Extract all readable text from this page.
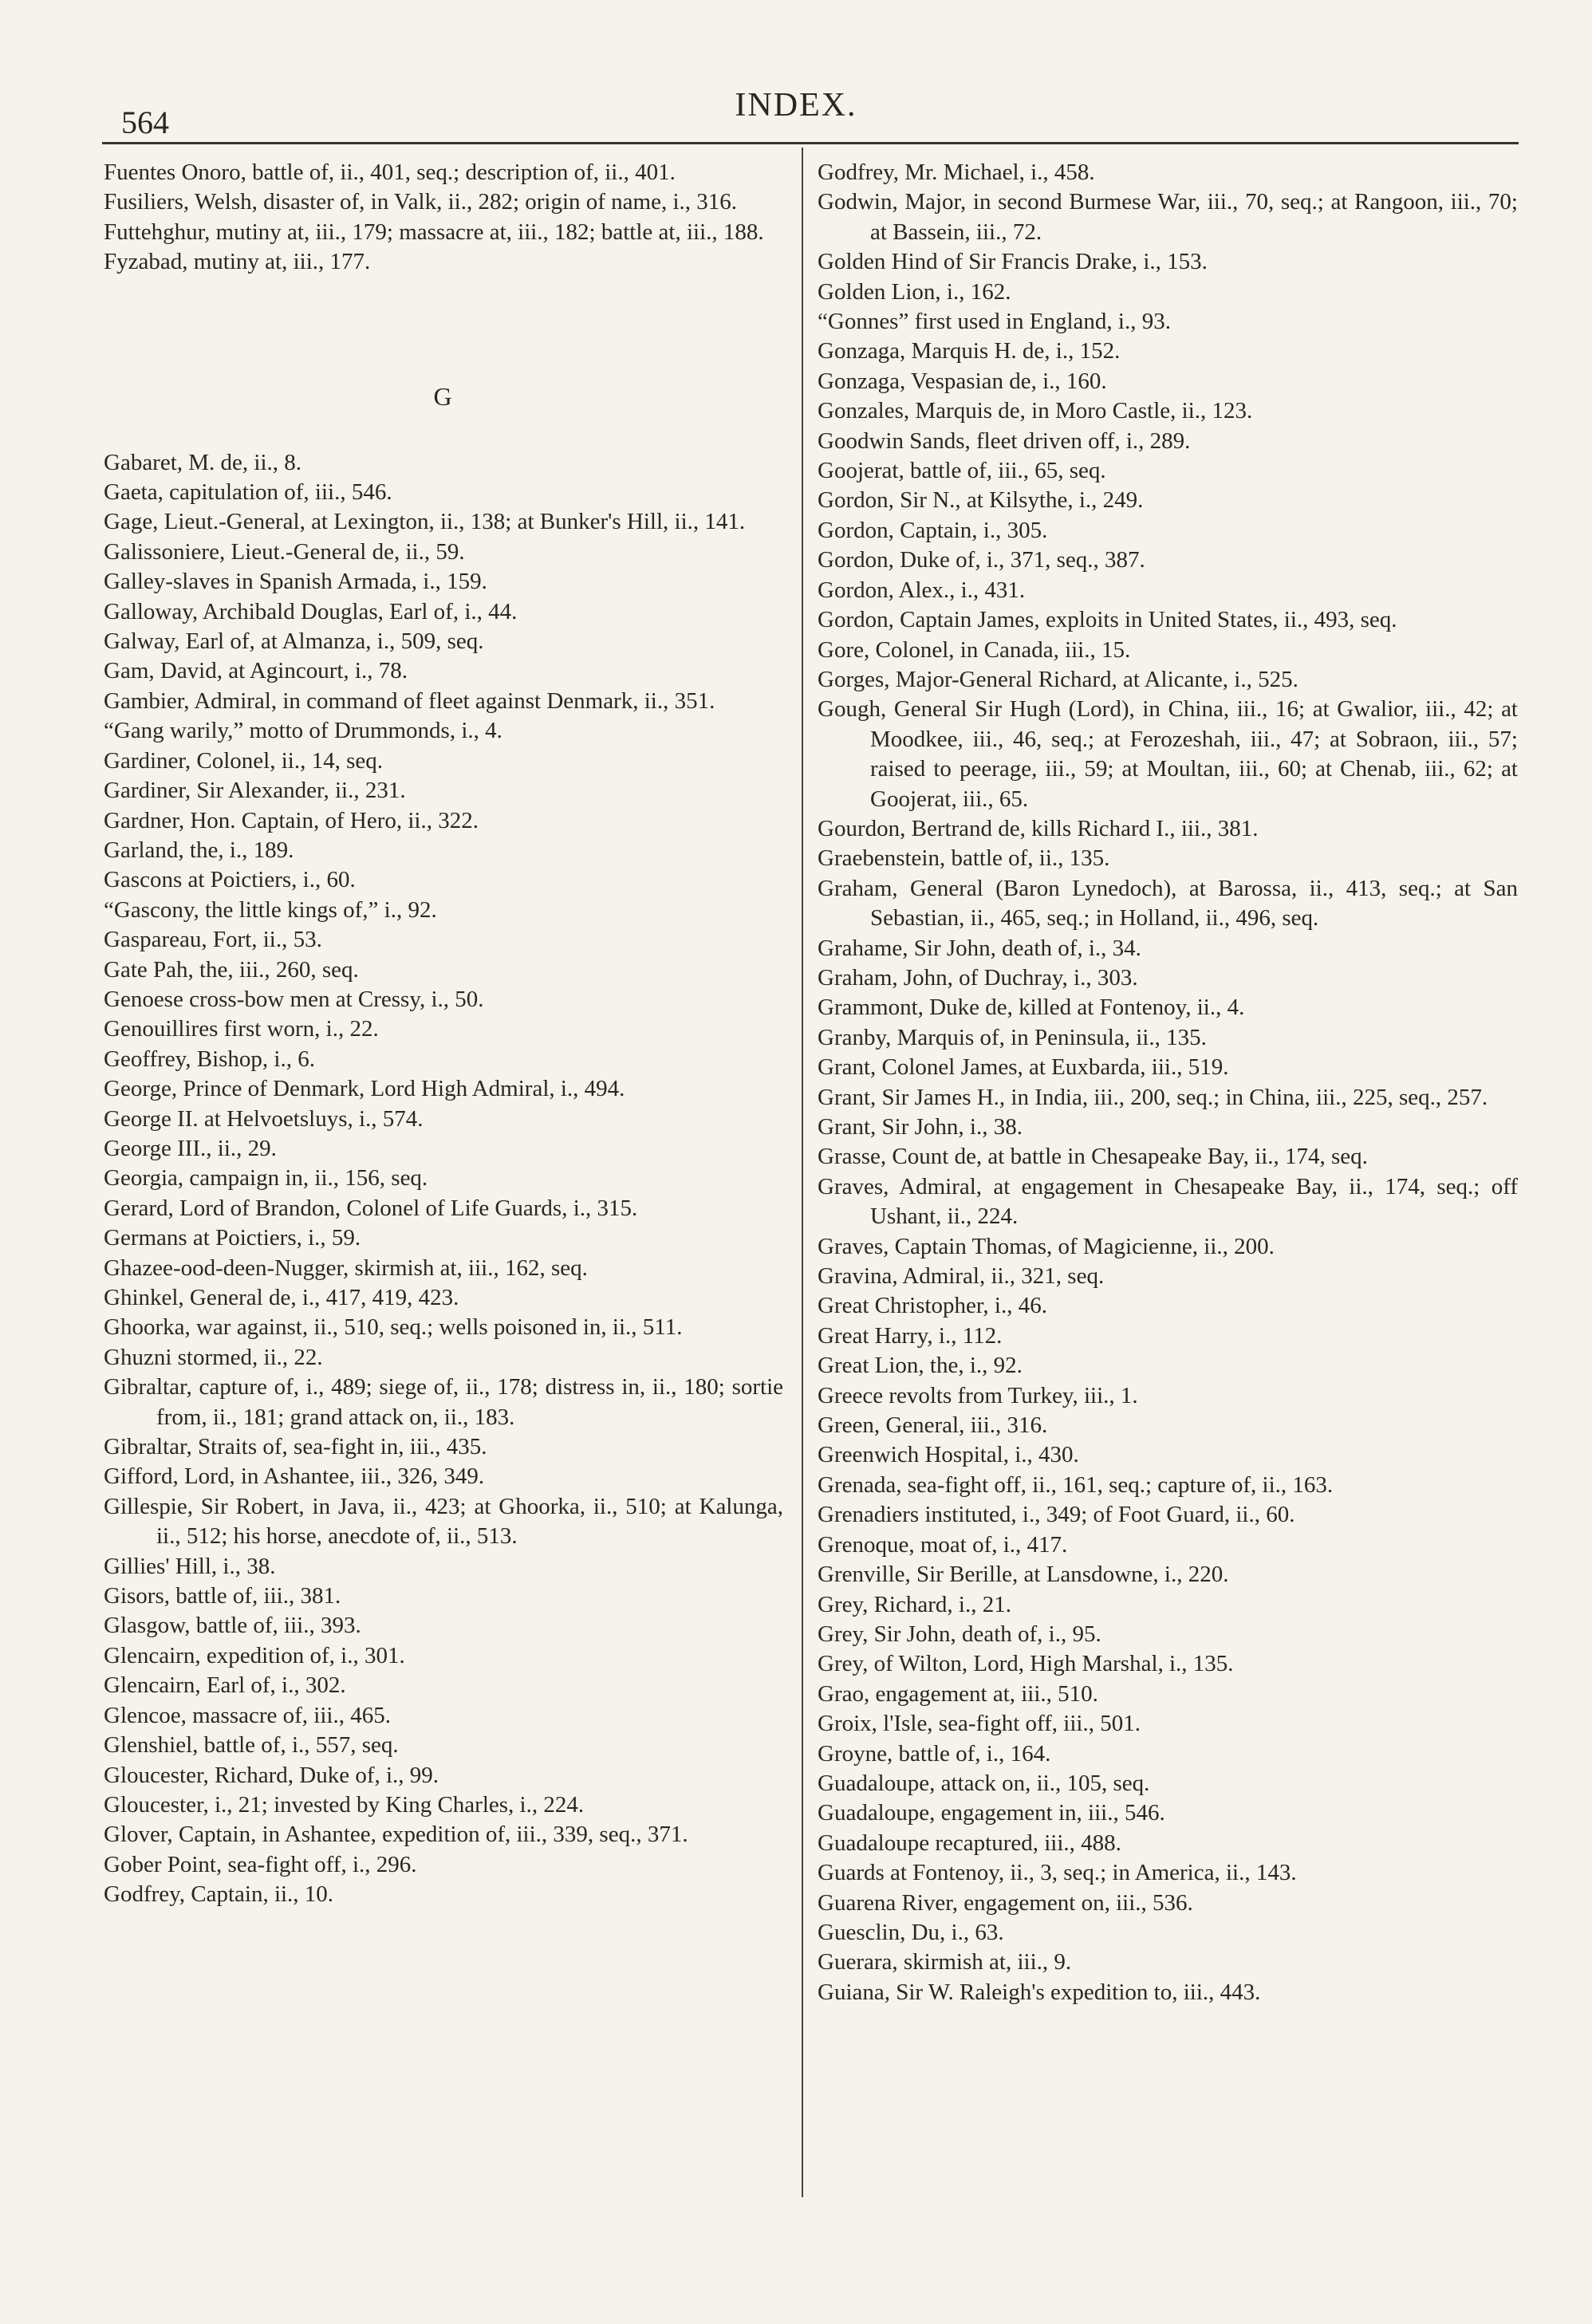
564	INDEX.
Fuentes Onoro, battle of, ii., 401, seq.; description of, ii., 401.
Fusiliers, Welsh, disaster of, in Valk, ii., 282; origin of name, i., 316.
Futtehghur, mutiny at, iii., 179; massacre at, iii., 182; battle at, iii., 188.
Fyzabad, mutiny at, iii., 177.
G
Gabaret, M. de, ii., 8.
Gaeta, capitulation of, iii., 546.
Gage, Lieut.-General, at Lexington, ii., 138; at Bunker's Hill, ii., 141.
Galissoniere, Lieut.-General de, ii., 59.
Galley-slaves in Spanish Armada, i., 159.
Galloway, Archibald Douglas, Earl of, i., 44.
Galway, Earl of, at Almanza, i., 509, seq.
Gam, David, at Agincourt, i., 78.
Gambier, Admiral, in command of fleet against Denmark, ii., 351.
“Gang warily,” motto of Drummonds, i., 4.
Gardiner, Colonel, ii., 14, seq.
Gardiner, Sir Alexander, ii., 231.
Gardner, Hon. Captain, of Hero, ii., 322.
Garland, the, i., 189.
Gascons at Poictiers, i., 60.
“Gascony, the little kings of,” i., 92.
Gaspareau, Fort, ii., 53.
Gate Pah, the, iii., 260, seq.
Genoese cross-bow men at Cressy, i., 50.
Genouillires first worn, i., 22.
Geoffrey, Bishop, i., 6.
George, Prince of Denmark, Lord High Admiral, i., 494.
George II. at Helvoetsluys, i., 574.
George III., ii., 29.
Georgia, campaign in, ii., 156, seq.
Gerard, Lord of Brandon, Colonel of Life Guards, i., 315.
Germans at Poictiers, i., 59.
Ghazee-ood-deen-Nugger, skirmish at, iii., 162, seq.
Ghinkel, General de, i., 417, 419, 423.
Ghoorka, war against, ii., 510, seq.; wells poisoned in, ii., 511.
Ghuzni stormed, ii., 22.
Gibraltar, capture of, i., 489; siege of, ii., 178; distress in, ii., 180; sortie from, ii., 181; grand attack on, ii., 183.
Gibraltar, Straits of, sea-fight in, iii., 435.
Gifford, Lord, in Ashantee, iii., 326, 349.
Gillespie, Sir Robert, in Java, ii., 423; at Ghoorka, ii., 510; at Kalunga, ii., 512; his horse, anecdote of, ii., 513.
Gillies' Hill, i., 38.
Gisors, battle of, iii., 381.
Glasgow, battle of, iii., 393.
Glencairn, expedition of, i., 301.
Glencairn, Earl of, i., 302.
Glencoe, massacre of, iii., 465.
Glenshiel, battle of, i., 557, seq.
Gloucester, Richard, Duke of, i., 99.
Gloucester, i., 21; invested by King Charles, i., 224.
Glover, Captain, in Ashantee, expedition of, iii., 339, seq., 371.
Gober Point, sea-fight off, i., 296.
Godfrey, Captain, ii., 10.
Godfrey, Mr. Michael, i., 458.
Godwin, Major, in second Burmese War, iii., 70, seq.; at Rangoon, iii., 70; at Bassein, iii., 72.
Golden Hind of Sir Francis Drake, i., 153.
Golden Lion, i., 162.
“Gonnes” first used in England, i., 93.
Gonzaga, Marquis H. de, i., 152.
Gonzaga, Vespasian de, i., 160.
Gonzales, Marquis de, in Moro Castle, ii., 123.
Goodwin Sands, fleet driven off, i., 289.
Goojerat, battle of, iii., 65, seq.
Gordon, Sir N., at Kilsythe, i., 249.
Gordon, Captain, i., 305.
Gordon, Duke of, i., 371, seq., 387.
Gordon, Alex., i., 431.
Gordon, Captain James, exploits in United States, ii., 493, seq.
Gore, Colonel, in Canada, iii., 15.
Gorges, Major-General Richard, at Alicante, i., 525.
Gough, General Sir Hugh (Lord), in China, iii., 16; at Gwalior, iii., 42; at Moodkee, iii., 46, seq.; at Ferozeshah, iii., 47; at Sobraon, iii., 57; raised to peerage, iii., 59; at Moultan, iii., 60; at Chenab, iii., 62; at Goojerat, iii., 65.
Gourdon, Bertrand de, kills Richard I., iii., 381.
Graebenstein, battle of, ii., 135.
Graham, General (Baron Lynedoch), at Barossa, ii., 413, seq.; at San Sebastian, ii., 465, seq.; in Holland, ii., 496, seq.
Grahame, Sir John, death of, i., 34.
Graham, John, of Duchray, i., 303.
Grammont, Duke de, killed at Fontenoy, ii., 4.
Granby, Marquis of, in Peninsula, ii., 135.
Grant, Colonel James, at Euxbarda, iii., 519.
Grant, Sir James H., in India, iii., 200, seq.; in China, iii., 225, seq., 257.
Grant, Sir John, i., 38.
Grasse, Count de, at battle in Chesapeake Bay, ii., 174, seq.
Graves, Admiral, at engagement in Chesapeake Bay, ii., 174, seq.; off Ushant, ii., 224.
Graves, Captain Thomas, of Magicienne, ii., 200.
Gravina, Admiral, ii., 321, seq.
Great Christopher, i., 46.
Great Harry, i., 112.
Great Lion, the, i., 92.
Greece revolts from Turkey, iii., 1.
Green, General, iii., 316.
Greenwich Hospital, i., 430.
Grenada, sea-fight off, ii., 161, seq.; capture of, ii., 163.
Grenadiers instituted, i., 349; of Foot Guard, ii., 60.
Grenoque, moat of, i., 417.
Grenville, Sir Berille, at Lansdowne, i., 220.
Grey, Richard, i., 21.
Grey, Sir John, death of, i., 95.
Grey, of Wilton, Lord, High Marshal, i., 135.
Grao, engagement at, iii., 510.
Groix, l'Isle, sea-fight off, iii., 501.
Groyne, battle of, i., 164.
Guadaloupe, attack on, ii., 105, seq.
Guadaloupe, engagement in, iii., 546.
Guadaloupe recaptured, iii., 488.
Guards at Fontenoy, ii., 3, seq.; in America, ii., 143.
Guarena River, engagement on, iii., 536.
Guesclin, Du, i., 63.
Guerara, skirmish at, iii., 9.
Guiana, Sir W. Raleigh's expedition to, iii., 443.
